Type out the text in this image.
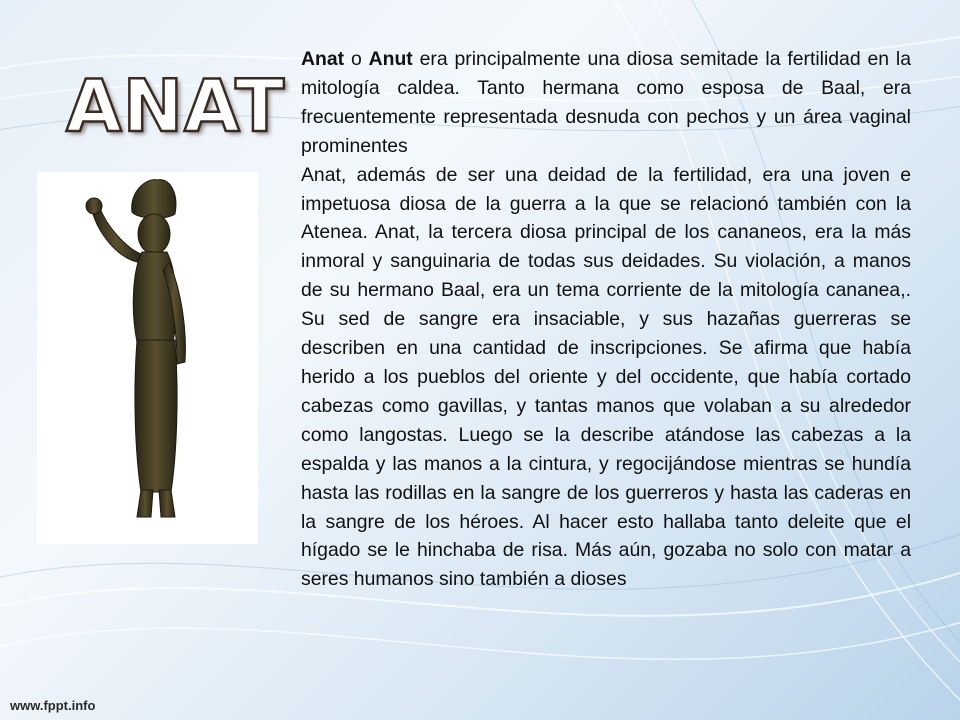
ANAT

Anat o Anut era principalmente una diosa semitade la fertilidad en la mitología caldea. Tanto hermana como esposa de Baal, era frecuentemente representada desnuda con pechos y un área vaginal prominentes

Anat, además de ser una deidad de la fertilidad, era una joven e impetuosa diosa de la guerra a la que se relacionó también con la Atenea. Anat, la tercera diosa principal de los cananeos, era la más inmoral y sanguinaria de todas sus deidades. Su violación, a manos de su hermano Baal, era un tema corriente de la mitología cananea,. Su sed de sangre era insaciable, y sus hazañas guerreras se describen en una cantidad de inscripciones. Se afirma que había herido a los pueblos del oriente y del occidente, que había cortado cabezas como gavillas, y tantas manos que volaban a su alrededor como langostas. Luego se la describe atándose las cabezas a la espalda y las manos a la cintura, y regocijándose mientras se hundía hasta las rodillas en la sangre de los guerreros y hasta las caderas en la sangre de los héroes. Al hacer esto hallaba tanto deleite que el hígado se le hinchaba de risa. Más aún, gozaba no solo con matar a seres humanos sino también a dioses

www.fppt.info
